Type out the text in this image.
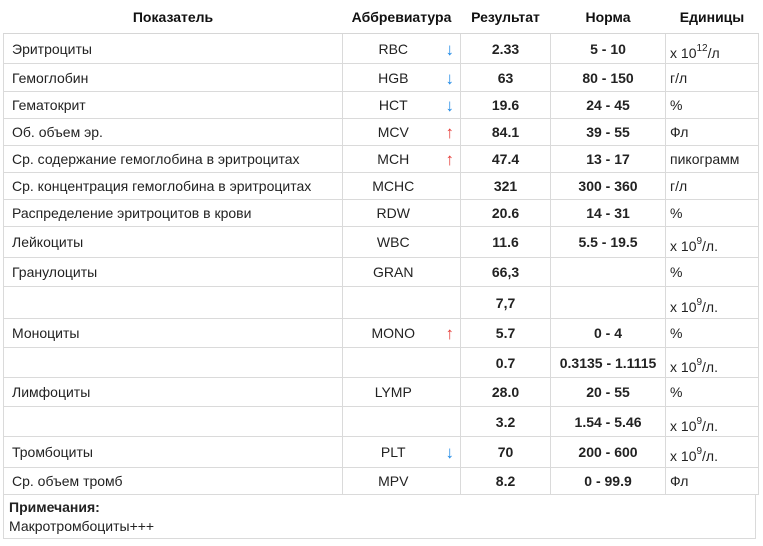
Показатель	Аббревиатура		Результат	Норма	Единицы
Эритроциты	RBC	↓	2.33	5 - 10	x $10^{12}/л$
Гемоглобин	HGB	↓	63	80 - 150	г/л
Гематокрит	HCT	↓	19.6	24 - 45	%
Об. объем эр.	MCV	↑	84.1	39 - 55	Фл
Ср. содержание гемоглобина в эритроцитах	MCH	↑	47.4	13 - 17	пикограмм
Ср. концентрация гемоглобина в эритроцитах	MCHC		321	300 - 360	г/л
Распределение эритроцитов в крови	RDW		20.6	14 - 31	%
Лейкоциты	WBC		11.6	5.5 - 19.5	x $10^9/л$.
Гранулоциты	GRAN		66,3		%
			7,7		x $10^9/л$.
Моноциты	MONO	↑	5.7	0 - 4	%
			0.7	0.3135 - 1.1115	x $10^9/л$.
Лимфоциты	LYMP		28.0	20 - 55	%
			3.2	1.54 - 5.46	x $10^9/л$.
Тромбоциты	PLT	↓	70	200 - 600	x $10^9/л$.
Ср. объем тромб	MPV		8.2	0 - 99.9	Фл
Примечания:
Макротромбоциты+++
